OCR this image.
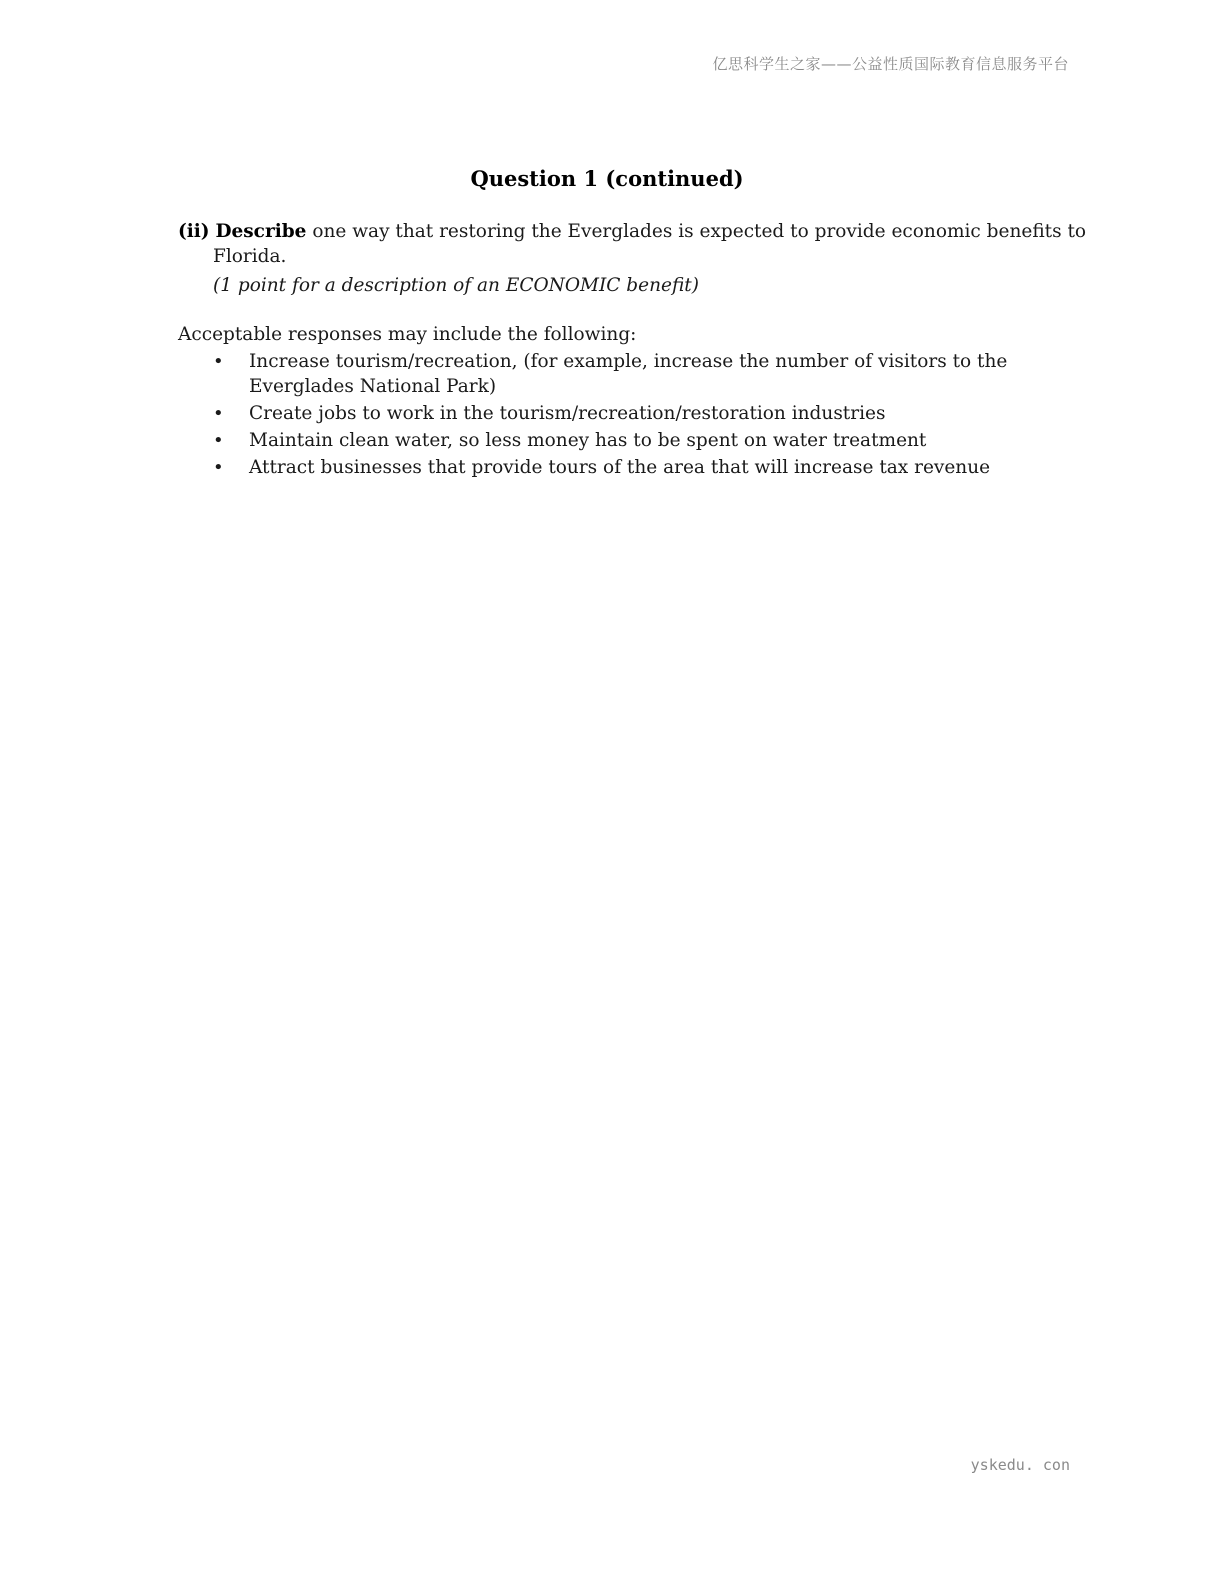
亿思科学生之家——公益性质国际教育信息服务平台
Question 1 (continued)
(ii) Describe one way that restoring the Everglades is expected to provide economic benefits to Florida.
(1 point for a description of an ECONOMIC benefit)
Acceptable responses may include the following:
• Increase tourism/recreation, (for example, increase the number of visitors to the Everglades National Park)
• Create jobs to work in the tourism/recreation/restoration industries
• Maintain clean water, so less money has to be spent on water treatment
• Attract businesses that provide tours of the area that will increase tax revenue
yskedu. con
